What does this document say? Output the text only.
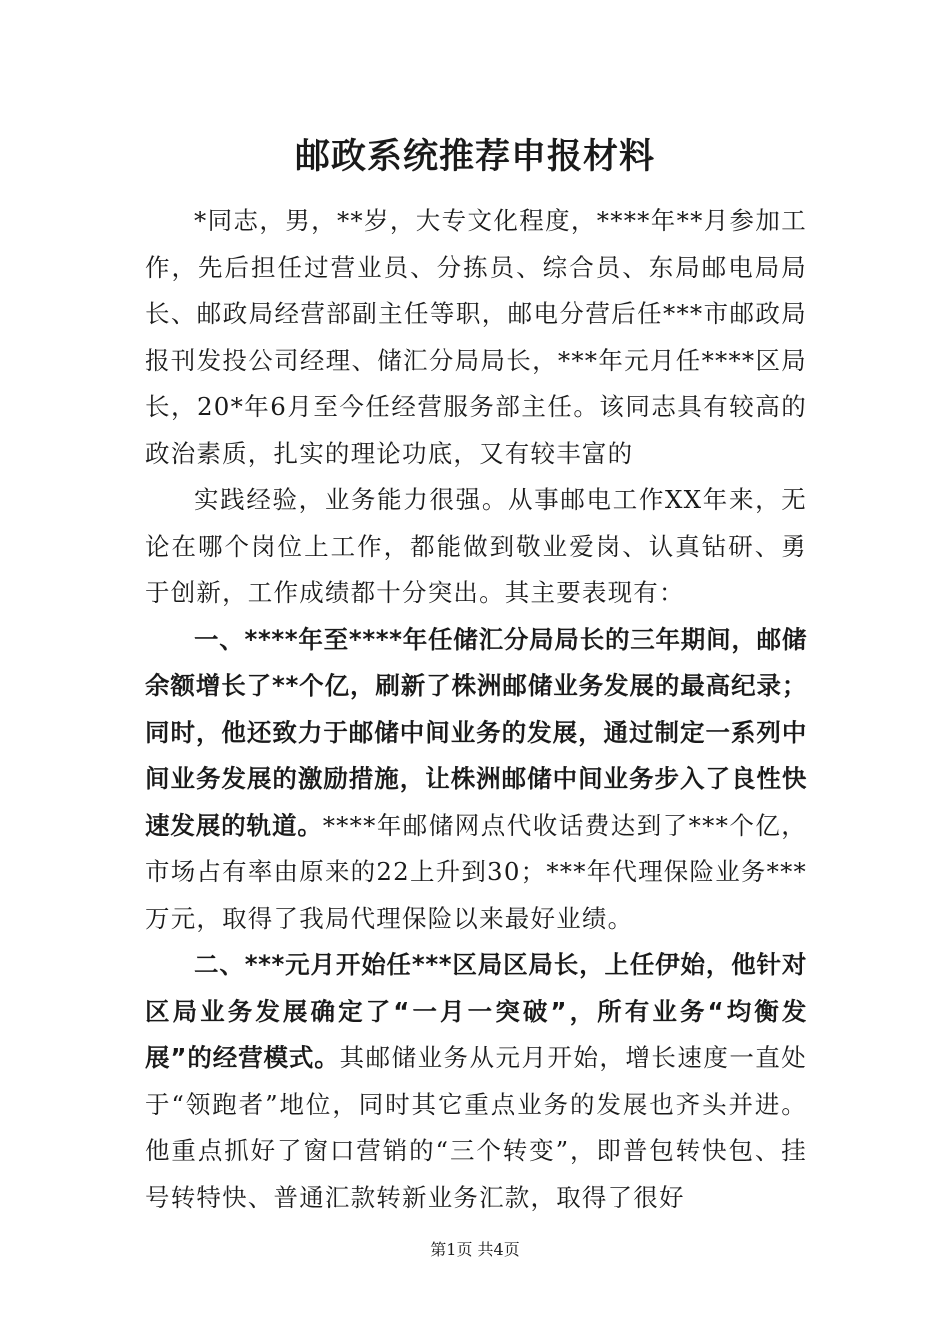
邮政系统推荐申报材料

*同志，男，**岁，大专文化程度，****年**月参加工作，先后担任过营业员、分拣员、综合员、东局邮电局局长、邮政局经营部副主任等职，邮电分营后任***市邮政局报刊发投公司经理、储汇分局局长，***年元月任****区局长，20*年6月至今任经营服务部主任。该同志具有较高的政治素质，扎实的理论功底，又有较丰富的

实践经验，业务能力很强。从事邮电工作XX年来，无论在哪个岗位上工作，都能做到敬业爱岗、认真钻研、勇于创新，工作成绩都十分突出。其主要表现有：

一、****年至****年任储汇分局局长的三年期间，邮储余额增长了**个亿，刷新了株洲邮储业务发展的最高纪录；同时，他还致力于邮储中间业务的发展，通过制定一系列中间业务发展的激励措施，让株洲邮储中间业务步入了良性快速发展的轨道。****年邮储网点代收话费达到了***个亿，市场占有率由原来的22上升到30；***年代理保险业务***万元，取得了我局代理保险以来最好业绩。

二、***元月开始任***区局区局长，上任伊始，他针对区局业务发展确定了“一月一突破”，所有业务“均衡发展”的经营模式。其邮储业务从元月开始，增长速度一直处于“领跑者”地位，同时其它重点业务的发展也齐头并进。他重点抓好了窗口营销的“三个转变”，即普包转快包、挂号转特快、普通汇款转新业务汇款，取得了很好

第1页 共4页
